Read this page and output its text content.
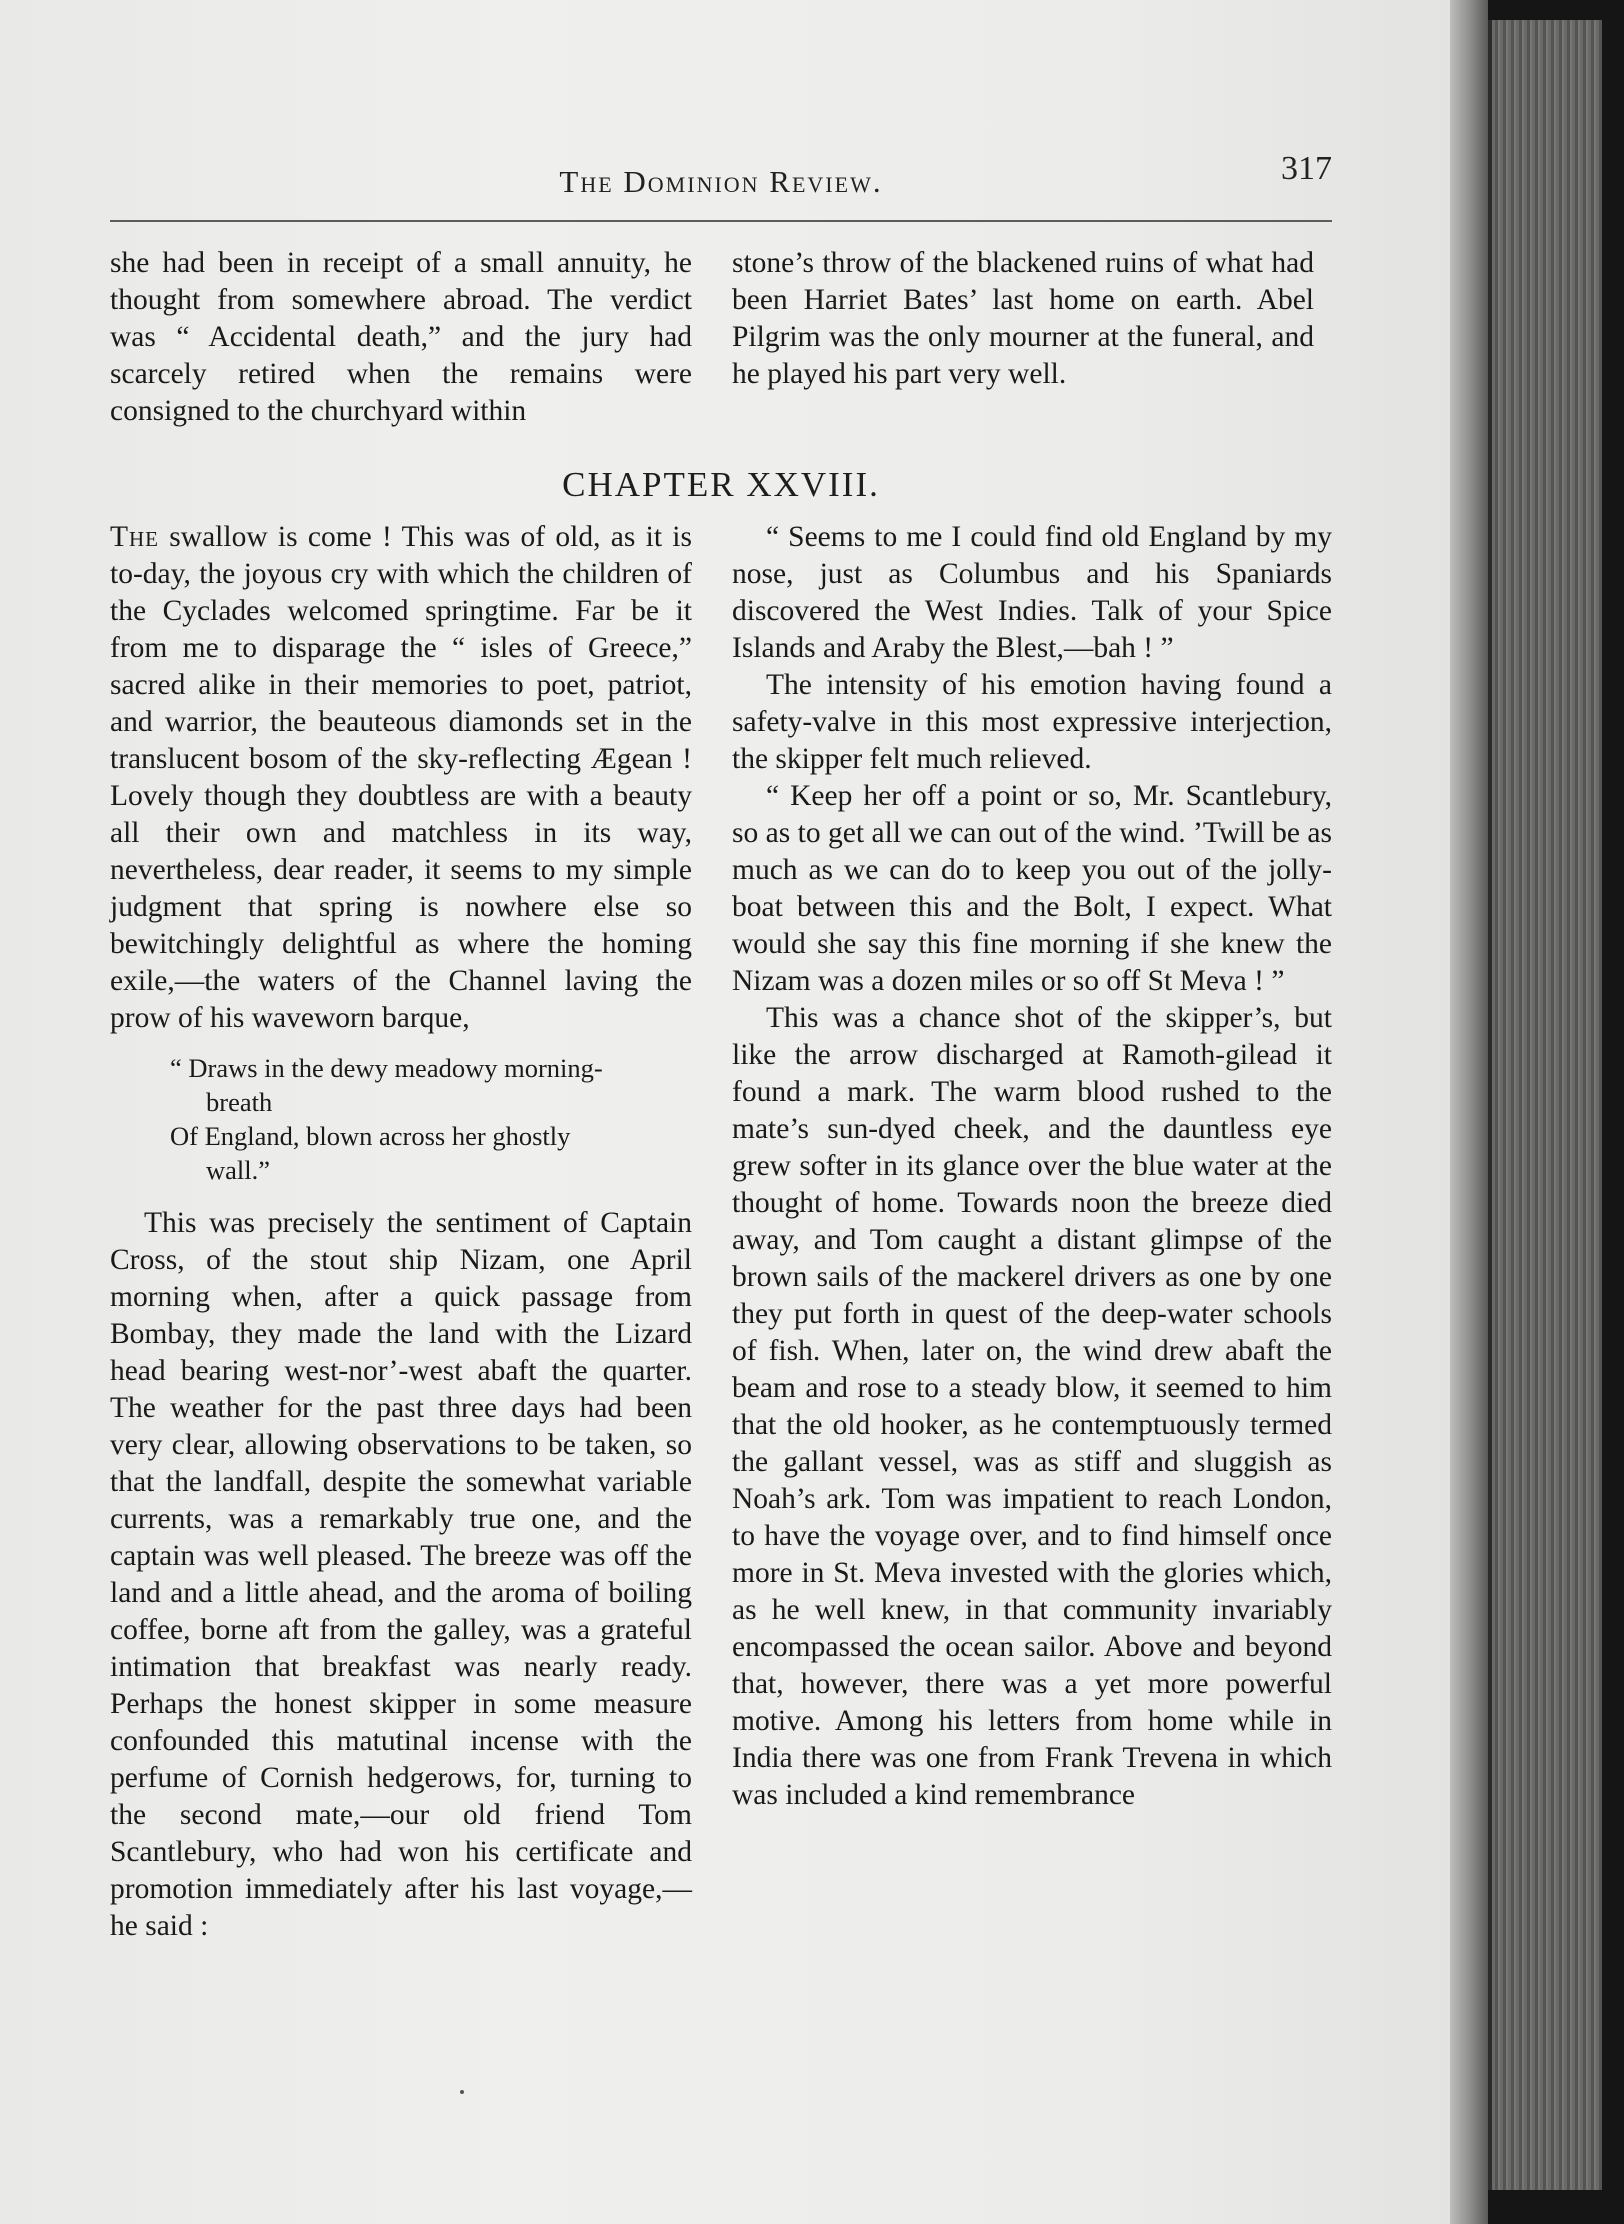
The Dominion Review.	317

she had been in receipt of a small annuity, he thought from somewhere abroad. The verdict was “ Accidental death,” and the jury had scarcely retired when the remains were consigned to the churchyard within

stone’s throw of the blackened ruins of what had been Harriet Bates’ last home on earth. Abel Pilgrim was the only mourner at the funeral, and he played his part very well.

CHAPTER XXVIII.

The swallow is come ! This was of old, as it is to-day, the joyous cry with which the children of the Cyclades welcomed springtime. Far be it from me to disparage the “ isles of Greece,” sacred alike in their memories to poet, patriot, and warrior, the beauteous diamonds set in the translucent bosom of the sky-reflecting Ægean ! Lovely though they doubtless are with a beauty all their own and matchless in its way, nevertheless, dear reader, it seems to my simple judgment that spring is nowhere else so bewitchingly delightful as where the homing exile,—the waters of the Channel laving the prow of his waveworn barque,

“ Draws in the dewy meadowy morning-
breath
Of England, blown across her ghostly
wall.”

This was precisely the sentiment of Captain Cross, of the stout ship Nizam, one April morning when, after a quick passage from Bombay, they made the land with the Lizard head bearing west-nor’-west abaft the quarter. The weather for the past three days had been very clear, allowing observations to be taken, so that the landfall, despite the somewhat variable currents, was a remarkably true one, and the captain was well pleased. The breeze was off the land and a little ahead, and the aroma of boiling coffee, borne aft from the galley, was a grateful intimation that breakfast was nearly ready. Perhaps the honest skipper in some measure confounded this matutinal incense with the perfume of Cornish hedgerows, for, turning to the second mate,—our old friend Tom Scantlebury, who had won his certificate and promotion immediately after his last voyage,—he said :

“ Seems to me I could find old England by my nose, just as Columbus and his Spaniards discovered the West Indies. Talk of your Spice Islands and Araby the Blest,—bah ! ”

The intensity of his emotion having found a safety-valve in this most expressive interjection, the skipper felt much relieved.

“ Keep her off a point or so, Mr. Scantlebury, so as to get all we can out of the wind. ’Twill be as much as we can do to keep you out of the jolly-boat between this and the Bolt, I expect. What would she say this fine morning if she knew the Nizam was a dozen miles or so off St Meva ! ”

This was a chance shot of the skipper’s, but like the arrow discharged at Ramoth-gilead it found a mark. The warm blood rushed to the mate’s sun-dyed cheek, and the dauntless eye grew softer in its glance over the blue water at the thought of home. Towards noon the breeze died away, and Tom caught a distant glimpse of the brown sails of the mackerel drivers as one by one they put forth in quest of the deep-water schools of fish. When, later on, the wind drew abaft the beam and rose to a steady blow, it seemed to him that the old hooker, as he contemptuously termed the gallant vessel, was as stiff and sluggish as Noah’s ark. Tom was impatient to reach London, to have the voyage over, and to find himself once more in St. Meva invested with the glories which, as he well knew, in that community invariably encompassed the ocean sailor. Above and beyond that, however, there was a yet more powerful motive. Among his letters from home while in India there was one from Frank Trevena in which was included a kind remembrance
